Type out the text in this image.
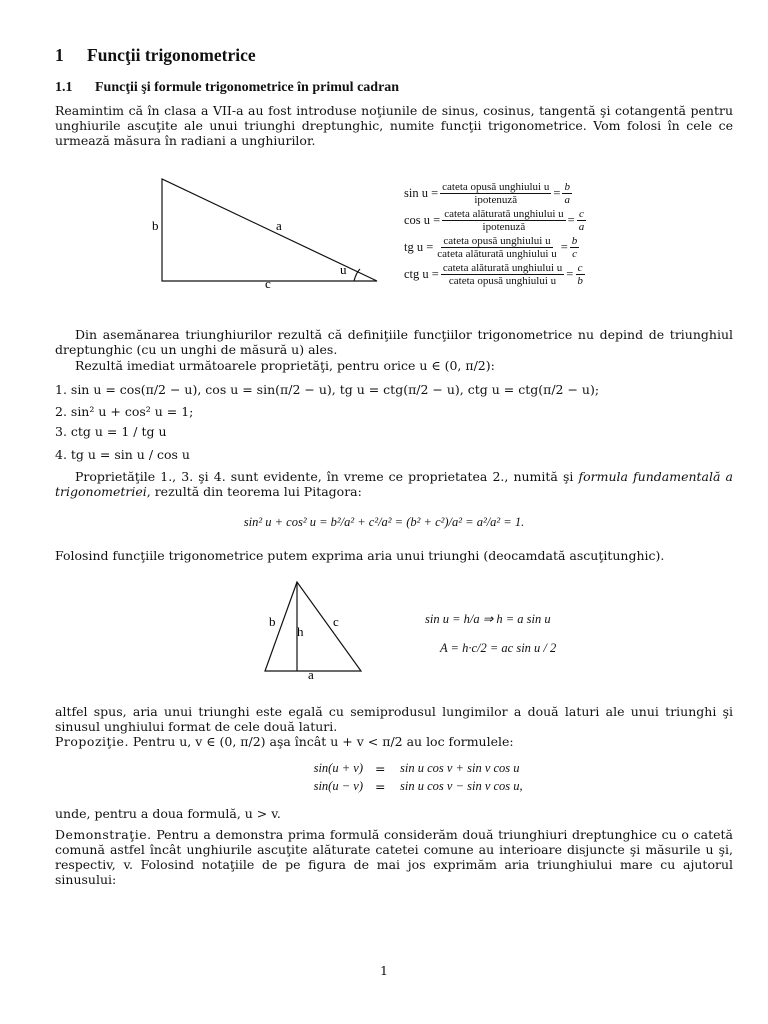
1 Funcţii trigonometrice
1.1 Funcţii şi formule trigonometrice în primul cadran
Reamintim că în clasa a VII-a au fost introduse noţiunile de sinus, cosinus, tangentă şi cotangentă pentru unghiurile ascuţite ale unui triunghi dreptunghic, numite funcţii trigonometrice. Vom folosi în cele ce urmează măsura în radiani a unghiurilor.
b	a
c
u
$\sin u = \frac{\text{cateta opusă unghiului u}}{\text{ipotenuză}} = \frac{b}{a}$
$\cos u = \frac{\text{cateta alăturată unghiului u}}{\text{ipotenuză}} = \frac{c}{a}$
tg $u = \frac{\text{cateta opusă unghiului u}}{\text{cateta alăturată unghiului u}} = \frac{b}{c}$
ctg $u = \frac{\text{cateta alăturată unghiului u}}{\text{cateta opusă unghiului u}} = \frac{c}{b}$
Din asemănarea triunghiurilor rezultă că definiţiile funcţiilor trigonometrice nu depind de triunghiul dreptunghic (cu un unghi de măsură u) ales.
Rezultă imediat următoarele proprietăţi, pentru orice u ∈ (0, π/2):
1. sin u = cos(π/2 − u), cos u = sin(π/2 − u), tg u = ctg(π/2 − u), ctg u = ctg(π/2 − u);
2. sin² u + cos² u = 1;
3. ctg u = 1 / tg u
4. tg u = sin u / cos u
Proprietăţile 1., 3. şi 4. sunt evidente, în vreme ce proprietatea 2., numită şi formula fundamentală a trigonometriei, rezultă din teorema lui Pitagora:
sin² u + cos² u = b²/a² + c²/a² = (b² + c²)/a² = a²/a² = 1.
Folosind funcţiile trigonometrice putem exprima aria unui triunghi (deocamdată ascuţitunghic).
b	c
h
a
sin u = h/a ⇒ h = a sin u
A = h·c/2 = ac sin u / 2
altfel spus, aria unui triunghi este egală cu semiprodusul lungimilor a două laturi ale unui triunghi şi sinusul unghiului format de cele două laturi.
Propoziţie. Pentru u, v ∈ (0, π/2) aşa încât u + v < π/2 au loc formulele:
sin(u + v) = sin u cos v + sin v cos u
sin(u − v) = sin u cos v − sin v cos u,
unde, pentru a doua formulă, u > v.
Demonstraţie. Pentru a demonstra prima formulă considerăm două triunghiuri dreptunghice cu o catetă comună astfel încât unghiurile ascuţite alăturate catetei comune au interioare disjuncte şi măsurile u şi, respectiv, v. Folosind notaţiile de pe figura de mai jos exprimăm aria triunghiului mare cu ajutorul sinusului:
1
